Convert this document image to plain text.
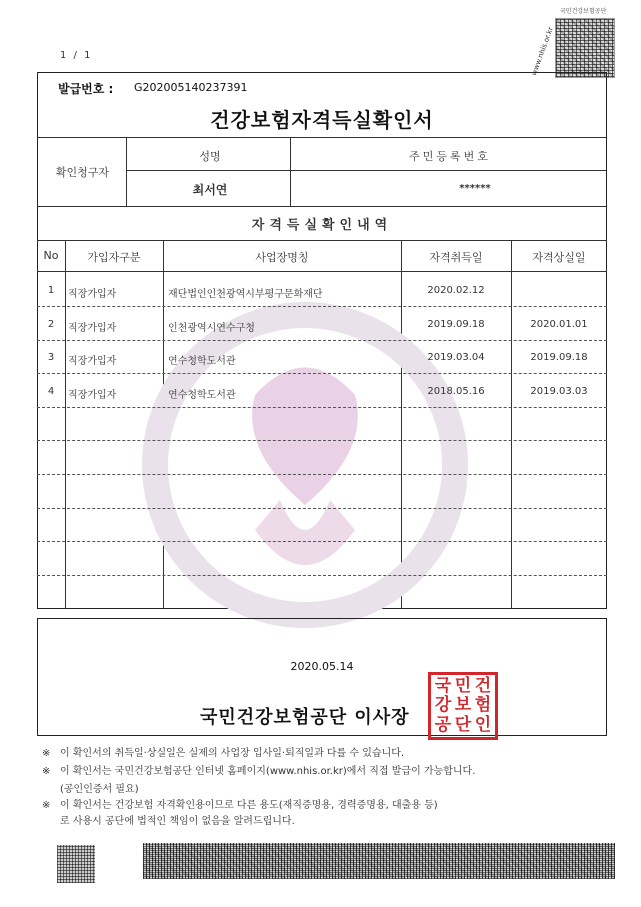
1 / 1	www.nhis.or.kr
국민건강보험공단
발급번호 : G202005140237391
건강보험자격득실확인서
확인청구자
성명	주민등록번호
최서연	******
자격득실확인내역
No	가입자구분	사업장명칭	자격취득일	자격상실일
1	직장가입자	재단법인인천광역시부평구문화재단	2020.02.12
2	직장가입자	인천광역시연수구청	2019.09.18	2020.01.01
3	직장가입자	연수청학도서관	2019.03.04	2019.09.18
4	직장가입자	연수청학도서관	2018.05.16	2019.03.03
2020.05.14
국민건강보험공단 이사장
국 민 건
강 보 험
공 단 인
※ 이 확인서의 취득일·상실일은 실제의 사업장 입사일·퇴직일과 다를 수 있습니다.
※ 이 확인서는 국민건강보험공단 인터넷 홈페이지(www.nhis.or.kr)에서 직접 발급이 가능합니다.
(공인인증서 필요)
※ 이 확인서는 건강보험 자격확인용이므로 다른 용도(재직증명용, 경력증명용, 대출용 등)
로 사용시 공단에 법적인 책임이 없음을 알려드립니다.
